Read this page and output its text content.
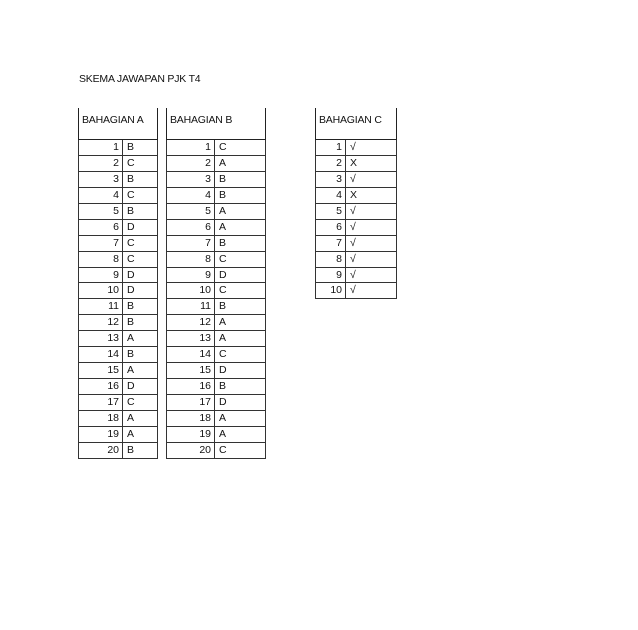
SKEMA JAWAPAN PJK T4
BAHAGIAN A
1 B
2 C
3 B
4 C
5 B
6 D
7 C
8 C
9 D
10 D
11 B
12 B
13 A
14 B
15 A
16 D
17 C
18 A
19 A
20 B
BAHAGIAN B
1 C
2 A
3 B
4 B
5 A
6 A
7 B
8 C
9 D
10 C
11 B
12 A
13 A
14 C
15 D
16 B
17 D
18 A
19 A
20 C
BAHAGIAN C
1 √
2 X
3 √
4 X
5 √
6 √
7 √
8 √
9 √
10 √
